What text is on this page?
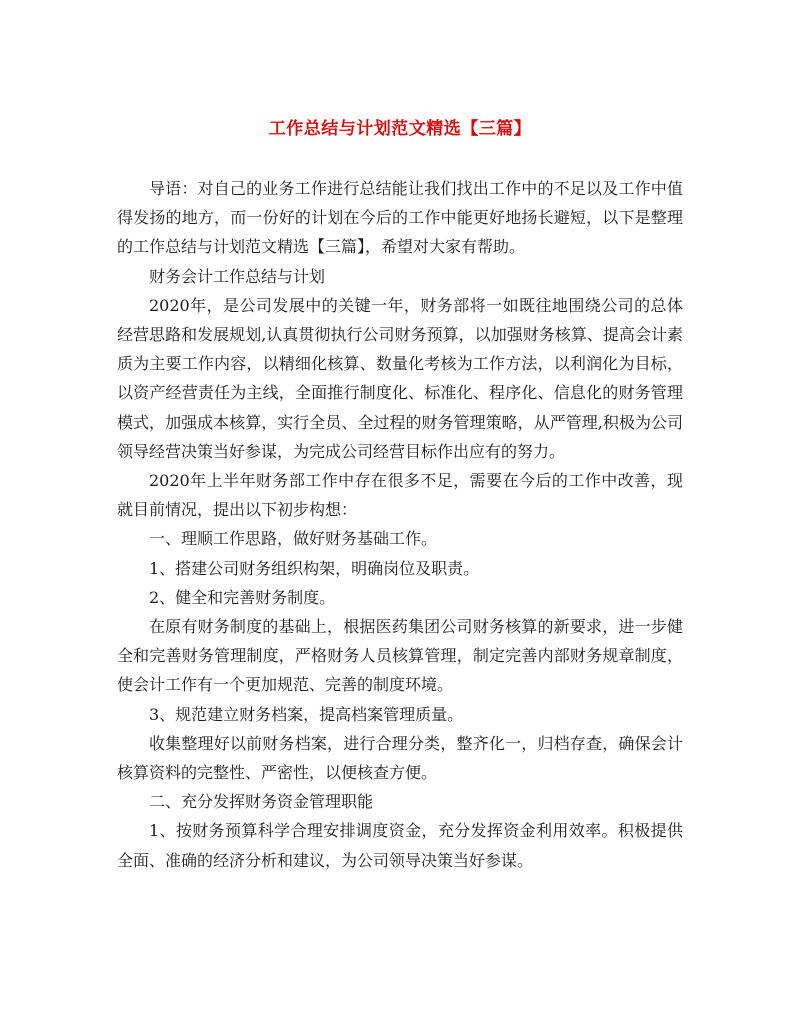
工作总结与计划范文精选【三篇】

导语：对自己的业务工作进行总结能让我们找出工作中的不足以及工作中值得发扬的地方，而一份好的计划在今后的工作中能更好地扬长避短，以下是整理的工作总结与计划范文精选【三篇】，希望对大家有帮助。

财务会计工作总结与计划

2020年，是公司发展中的关键一年，财务部将一如既往地围绕公司的总体经营思路和发展规划,认真贯彻执行公司财务预算，以加强财务核算、提高会计素质为主要工作内容，以精细化核算、数量化考核为工作方法，以利润化为目标，以资产经营责任为主线，全面推行制度化、标准化、程序化、信息化的财务管理模式，加强成本核算，实行全员、全过程的财务管理策略，从严管理,积极为公司领导经营决策当好参谋，为完成公司经营目标作出应有的努力。

2020年上半年财务部工作中存在很多不足，需要在今后的工作中改善，现就目前情况，提出以下初步构想：

一、理顺工作思路，做好财务基础工作。

1、搭建公司财务组织构架，明确岗位及职责。

2、健全和完善财务制度。

在原有财务制度的基础上，根据医药集团公司财务核算的新要求，进一步健全和完善财务管理制度，严格财务人员核算管理，制定完善内部财务规章制度，使会计工作有一个更加规范、完善的制度环境。

3、规范建立财务档案，提高档案管理质量。

收集整理好以前财务档案，进行合理分类，整齐化一，归档存查，确保会计核算资料的完整性、严密性，以便核查方便。

二、充分发挥财务资金管理职能

1、按财务预算科学合理安排调度资金，充分发挥资金利用效率。积极提供全面、准确的经济分析和建议，为公司领导决策当好参谋。
